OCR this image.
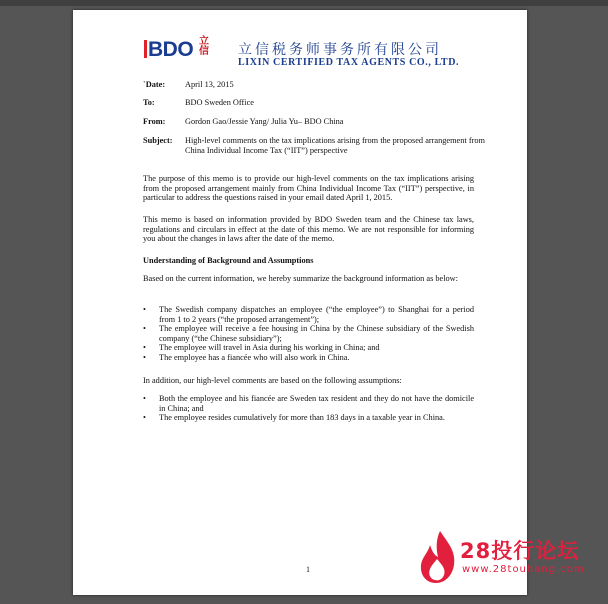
BDO 立信	立信税务师事务所有限公司
LIXIN CERTIFIED TAX AGENTS CO., LTD.
`Date: April 13, 2015
To:	BDO Sweden Office
From: Gordon Gao/Jessie Yang/ Julia Yu– BDO China
Subject: High-level comments on the tax implications arising from the proposed arrangement from China Individual Income Tax (“IIT”) perspective
The purpose of this memo is to provide our high-level comments on the tax implications arising from the proposed arrangement mainly from China Individual Income Tax (“IIT”) perspective, in particular to address the questions raised in your email dated April 1, 2015.
This memo is based on information provided by BDO Sweden team and the Chinese tax laws, regulations and circulars in effect at the date of this memo. We are not responsible for informing you about the changes in laws after the date of the memo.
Understanding of Background and Assumptions
Based on the current information, we hereby summarize the background information as below:
• The Swedish company dispatches an employee (“the employee”) to Shanghai for a period from 1 to 2 years (“the proposed arrangement”);
• The employee will receive a fee housing in China by the Chinese subsidiary of the Swedish company (“the Chinese subsidiary”);
• The employee will travel in Asia during his working in China; and
• The employee has a fiancée who will also work in China.
In addition, our high-level comments are based on the following assumptions:
• Both the employee and his fiancée are Sweden tax resident and they do not have the domicile in China; and
• The employee resides cumulatively for more than 183 days in a taxable year in China.
1
28投行论坛
www.28touhang.com
